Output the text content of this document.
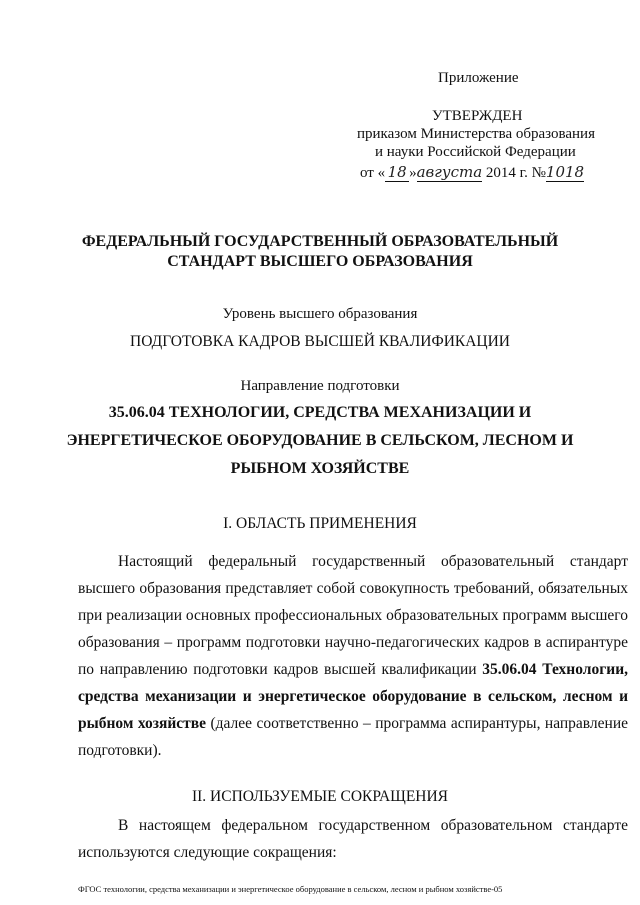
Приложение
УТВЕРЖДЕН
приказом Министерства образования
и науки Российской Федерации
от « 18 »августа 2014 г. №1018
ФЕДЕРАЛЬНЫЙ ГОСУДАРСТВЕННЫЙ ОБРАЗОВАТЕЛЬНЫЙ
СТАНДАРТ ВЫСШЕГО ОБРАЗОВАНИЯ
Уровень высшего образования
ПОДГОТОВКА КАДРОВ ВЫСШЕЙ КВАЛИФИКАЦИИ
Направление подготовки
35.06.04 ТЕХНОЛОГИИ, СРЕДСТВА МЕХАНИЗАЦИИ И
ЭНЕРГЕТИЧЕСКОЕ ОБОРУДОВАНИЕ В СЕЛЬСКОМ, ЛЕСНОМ И
РЫБНОМ ХОЗЯЙСТВЕ
I. ОБЛАСТЬ ПРИМЕНЕНИЯ
Настоящий федеральный государственный образовательный стандарт высшего образования представляет собой совокупность требований, обязательных при реализации основных профессиональных образовательных программ высшего образования – программ подготовки научно-педагогических кадров в аспирантуре по направлению подготовки кадров высшей квалификации 35.06.04 Технологии, средства механизации и энергетическое оборудование в сельском, лесном и рыбном хозяйстве (далее соответственно – программа аспирантуры, направление подготовки).
II. ИСПОЛЬЗУЕМЫЕ СОКРАЩЕНИЯ
В настоящем федеральном государственном образовательном стандарте используются следующие сокращения:
ФГОС технологии, средства механизации и энергетическое оборудование в сельском, лесном и рыбном хозяйстве-05
